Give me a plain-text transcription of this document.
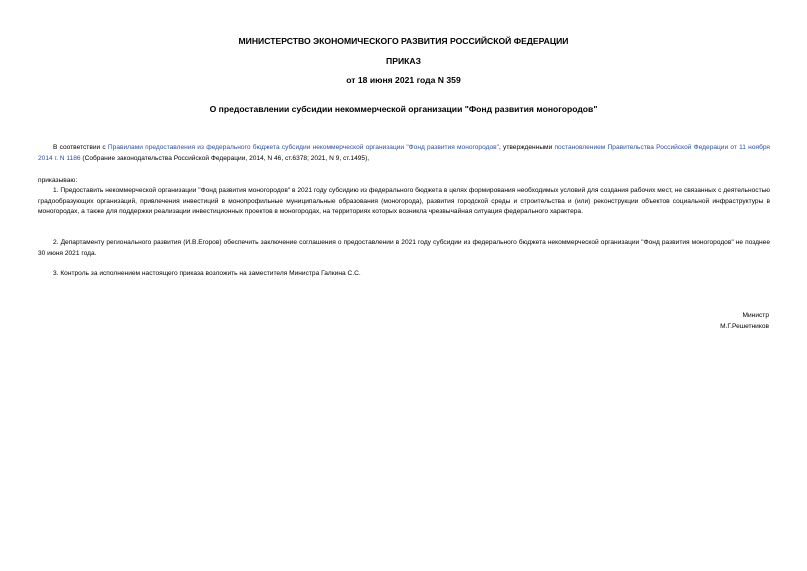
МИНИСТЕРСТВО ЭКОНОМИЧЕСКОГО РАЗВИТИЯ РОССИЙСКОЙ ФЕДЕРАЦИИ
ПРИКАЗ
от 18 июня 2021 года N 359
О предоставлении субсидии некоммерческой организации "Фонд развития моногородов"
В соответствии с Правилами предоставления из федерального бюджета субсидии некоммерческой организации "Фонд развития моногородов", утвержденными постановлением Правительства Российской Федерации от 11 ноября 2014 г. N 1186 (Собрание законодательства Российской Федерации, 2014, N 46, ст.6378; 2021, N 9, ст.1495),
приказываю:
1. Предоставить некоммерческой организации "Фонд развития моногородов" в 2021 году субсидию из федерального бюджета в целях формирования необходимых условий для создания рабочих мест, не связанных с деятельностью градообразующих организаций, привлечения инвестиций в монопрофильные муниципальные образования (моногорода), развития городской среды и строительства и (или) реконструкции объектов социальной инфраструктуры в моногородах, а также для поддержки реализации инвестиционных проектов в моногородах, на территориях которых возникла чрезвычайная ситуация федерального характера.
2. Департаменту регионального развития (И.В.Егоров) обеспечить заключение соглашения о предоставлении в 2021 году субсидии из федерального бюджета некоммерческой организации "Фонд развития моногородов" не позднее 30 июня 2021 года.
3. Контроль за исполнением настоящего приказа возложить на заместителя Министра Галкина С.С.
Министр
М.Г.Решетников
